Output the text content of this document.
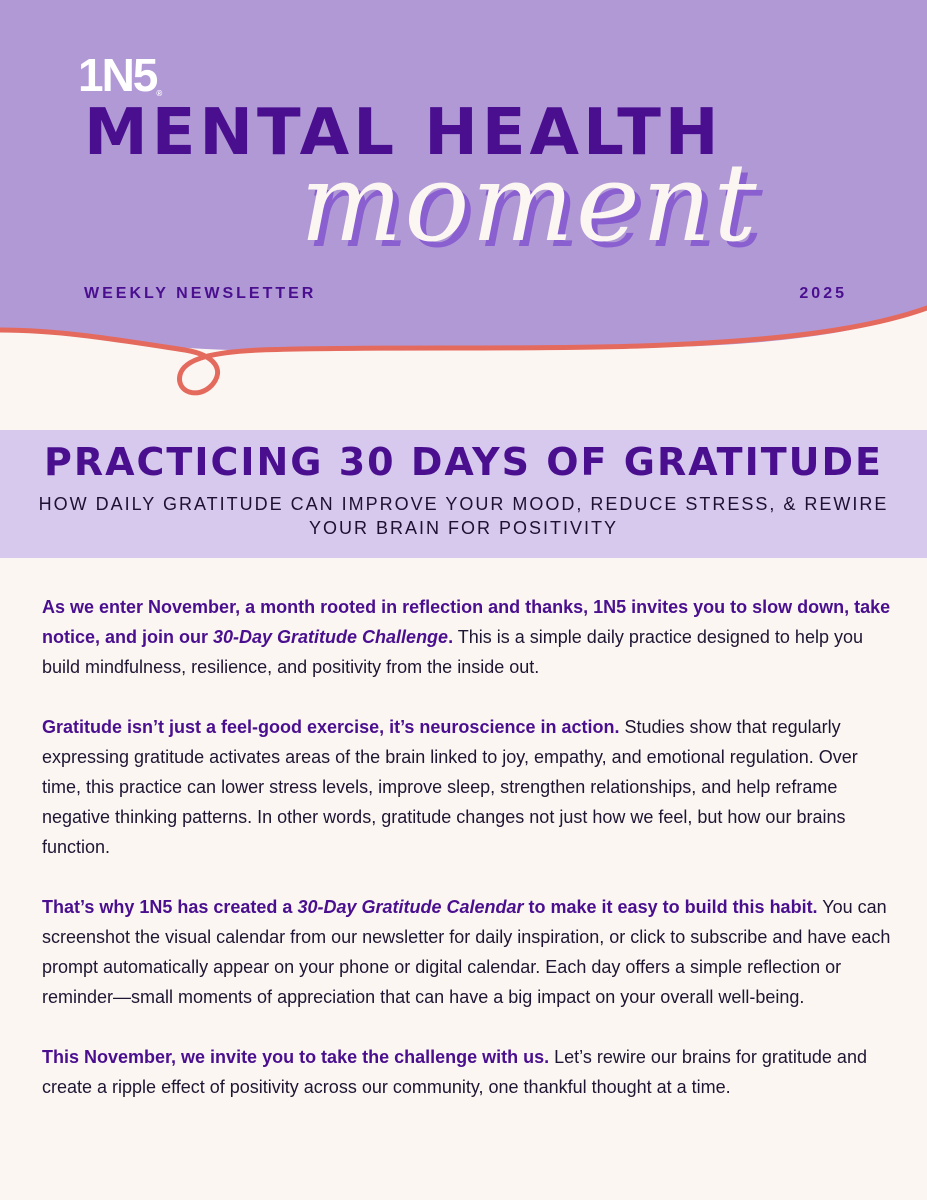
1N5®
MENTAL HEALTH
moment
WEEKLY NEWSLETTER	2025
PRACTICING 30 DAYS OF GRATITUDE
HOW DAILY GRATITUDE CAN IMPROVE YOUR MOOD, REDUCE STRESS, & REWIRE YOUR BRAIN FOR POSITIVITY

As we enter November, a month rooted in reflection and thanks, 1N5 invites you to slow down, take notice, and join our 30-Day Gratitude Challenge. This is a simple daily practice designed to help you build mindfulness, resilience, and positivity from the inside out.

Gratitude isn’t just a feel-good exercise, it’s neuroscience in action. Studies show that regularly expressing gratitude activates areas of the brain linked to joy, empathy, and emotional regulation. Over time, this practice can lower stress levels, improve sleep, strengthen relationships, and help reframe negative thinking patterns. In other words, gratitude changes not just how we feel, but how our brains function.

That’s why 1N5 has created a 30-Day Gratitude Calendar to make it easy to build this habit. You can screenshot the visual calendar from our newsletter for daily inspiration, or click to subscribe and have each prompt automatically appear on your phone or digital calendar. Each day offers a simple reflection or reminder—small moments of appreciation that can have a big impact on your overall well-being.

This November, we invite you to take the challenge with us. Let’s rewire our brains for gratitude and create a ripple effect of positivity across our community, one thankful thought at a time.
